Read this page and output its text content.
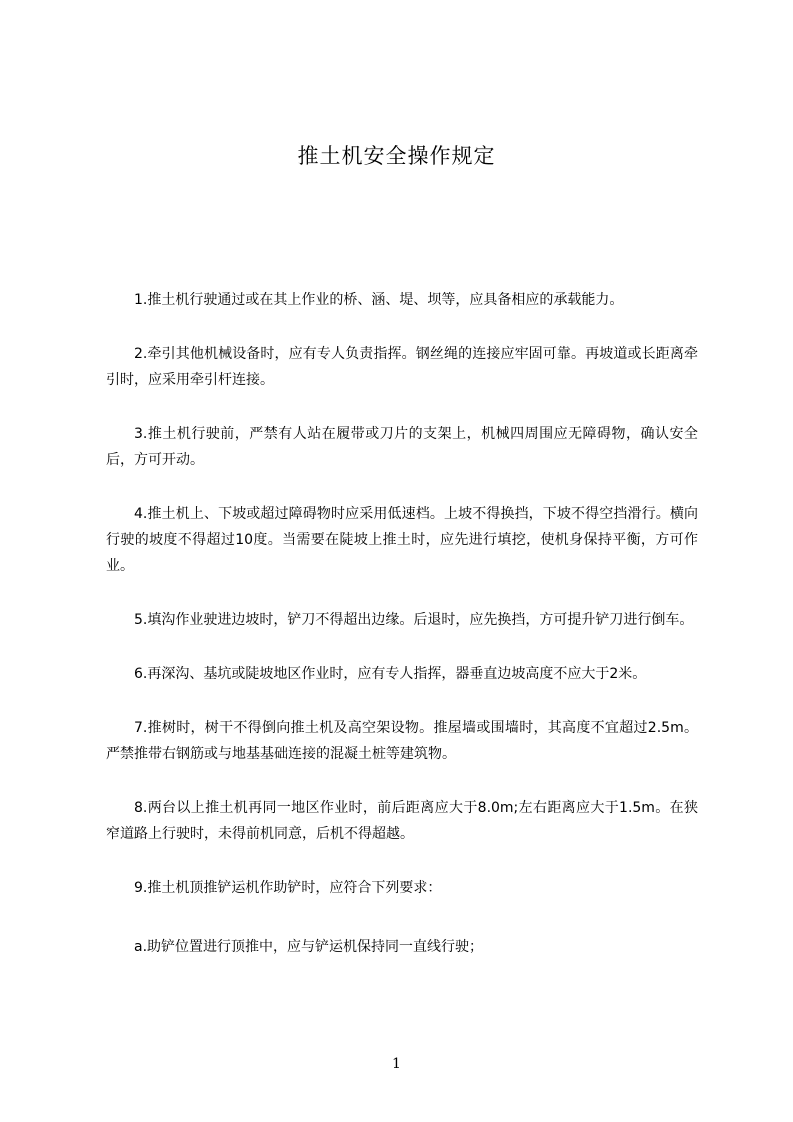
推土机安全操作规定

1.推土机行驶通过或在其上作业的桥、涵、堤、坝等，应具备相应的承载能力。

2.牵引其他机械设备时，应有专人负责指挥。钢丝绳的连接应牢固可靠。再坡道或长距离牵引时，应采用牵引杆连接。

3.推土机行驶前，严禁有人站在履带或刀片的支架上，机械四周围应无障碍物，确认安全后，方可开动。

4.推土机上、下坡或超过障碍物时应采用低速档。上坡不得换挡，下坡不得空挡滑行。横向行驶的坡度不得超过10度。当需要在陡坡上推土时，应先进行填挖，使机身保持平衡，方可作业。

5.填沟作业驶进边坡时，铲刀不得超出边缘。后退时，应先换挡，方可提升铲刀进行倒车。

6.再深沟、基坑或陡坡地区作业时，应有专人指挥，器垂直边坡高度不应大于2米。

7.推树时，树干不得倒向推土机及高空架设物。推屋墙或围墙时，其高度不宜超过2.5m。严禁推带右钢筋或与地基基础连接的混凝土桩等建筑物。

8.两台以上推土机再同一地区作业时，前后距离应大于8.0m;左右距离应大于1.5m。在狭窄道路上行驶时，未得前机同意，后机不得超越。

9.推土机顶推铲运机作助铲时，应符合下列要求：

a.助铲位置进行顶推中，应与铲运机保持同一直线行驶；

1
